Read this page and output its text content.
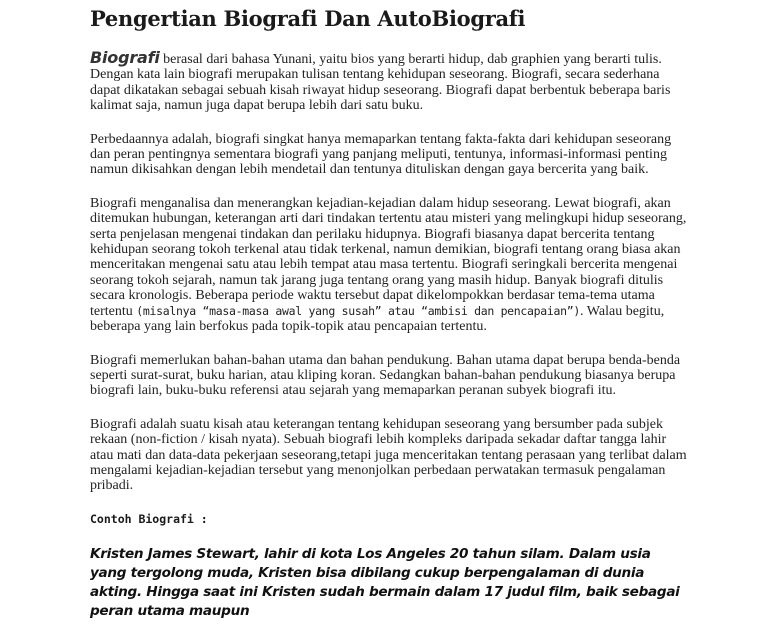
Pengertian Biografi Dan AutoBiografi

Biografi berasal dari bahasa Yunani, yaitu bios yang berarti hidup, dab graphien yang berarti tulis. Dengan kata lain biografi merupakan tulisan tentang kehidupan seseorang. Biografi, secara sederhana dapat dikatakan sebagai sebuah kisah riwayat hidup seseorang. Biografi dapat berbentuk beberapa baris kalimat saja, namun juga dapat berupa lebih dari satu buku.

Perbedaannya adalah, biografi singkat hanya memaparkan tentang fakta-fakta dari kehidupan seseorang dan peran pentingnya sementara biografi yang panjang meliputi, tentunya, informasi-informasi penting namun dikisahkan dengan lebih mendetail dan tentunya dituliskan dengan gaya bercerita yang baik.

Biografi menganalisa dan menerangkan kejadian-kejadian dalam hidup seseorang. Lewat biografi, akan ditemukan hubungan, keterangan arti dari tindakan tertentu atau misteri yang melingkupi hidup seseorang, serta penjelasan mengenai tindakan dan perilaku hidupnya. Biografi biasanya dapat bercerita tentang kehidupan seorang tokoh terkenal atau tidak terkenal, namun demikian, biografi tentang orang biasa akan menceritakan mengenai satu atau lebih tempat atau masa tertentu. Biografi seringkali bercerita mengenai seorang tokoh sejarah, namun tak jarang juga tentang orang yang masih hidup. Banyak biografi ditulis secara kronologis. Beberapa periode waktu tersebut dapat dikelompokkan berdasar tema-tema utama tertentu (misalnya “masa-masa awal yang susah” atau “ambisi dan pencapaian”). Walau begitu, beberapa yang lain berfokus pada topik-topik atau pencapaian tertentu.

Biografi memerlukan bahan-bahan utama dan bahan pendukung. Bahan utama dapat berupa benda-benda seperti surat-surat, buku harian, atau kliping koran. Sedangkan bahan-bahan pendukung biasanya berupa biografi lain, buku-buku referensi atau sejarah yang memaparkan peranan subyek biografi itu.

Biografi adalah suatu kisah atau keterangan tentang kehidupan seseorang yang bersumber pada subjek rekaan (non-fiction / kisah nyata). Sebuah biografi lebih kompleks daripada sekadar daftar tangga lahir atau mati dan data-data pekerjaan seseorang,tetapi juga menceritakan tentang perasaan yang terlibat dalam mengalami kejadian-kejadian tersebut yang menonjolkan perbedaan perwatakan termasuk pengalaman pribadi.

Contoh Biografi :

Kristen James Stewart, lahir di kota Los Angeles 20 tahun silam. Dalam usia yang tergolong muda, Kristen bisa dibilang cukup berpengalaman di dunia akting. Hingga saat ini Kristen sudah bermain dalam 17 judul film, baik sebagai peran utama maupun
